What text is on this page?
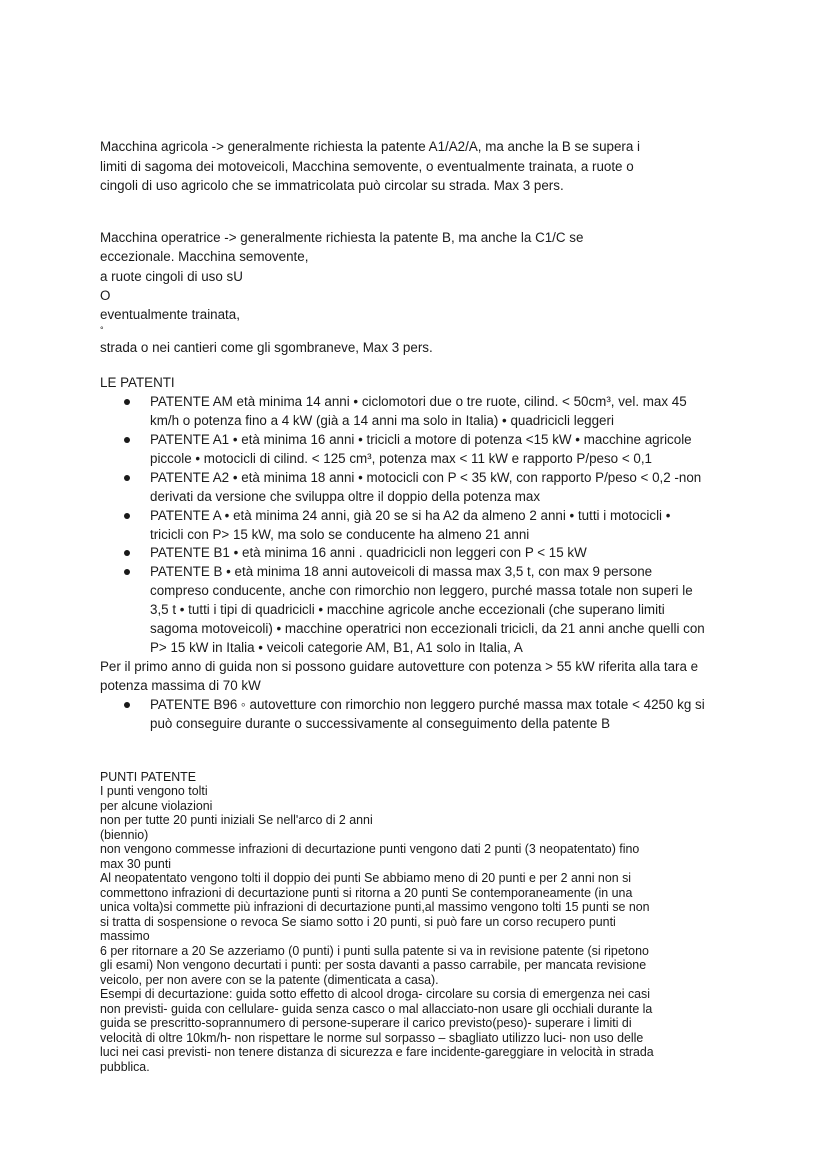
Macchina agricola -> generalmente richiesta la patente A1/A2/A, ma anche la B se supera i
limiti di sagoma dei motoveicoli, Macchina semovente, o eventualmente trainata, a ruote o
cingoli di uso agricolo che se immatricolata può circolar su strada. Max 3 pers.
Macchina operatrice -> generalmente richiesta la patente B, ma anche la C1/C se
eccezionale. Macchina semovente,
a ruote cingoli di uso sU
O
eventualmente trainata,
°
strada o nei cantieri come gli sgombraneve, Max 3 pers.
LE PATENTI
PATENTE AM età minima 14 anni • ciclomotori due o tre ruote, cilind. < 50cm³, vel. max 45
km/h o potenza fino a 4 kW (già a 14 anni ma solo in Italia) • quadricicli leggeri
PATENTE A1 • età minima 16 anni • tricicli a motore di potenza <15 kW • macchine agricole
piccole • motocicli di cilind. < 125 cm³, potenza max < 11 kW e rapporto P/peso < 0,1
PATENTE A2 • età minima 18 anni • motocicli con P < 35 kW, con rapporto P/peso < 0,2 -non
derivati da versione che sviluppa oltre il doppio della potenza max
PATENTE A • età minima 24 anni, già 20 se si ha A2 da almeno 2 anni • tutti i motocicli •
tricicli con P> 15 kW, ma solo se conducente ha almeno 21 anni
PATENTE B1 • età minima 16 anni . quadricicli non leggeri con P < 15 kW
PATENTE B • età minima 18 anni autoveicoli di massa max 3,5 t, con max 9 persone
compreso conducente, anche con rimorchio non leggero, purché massa totale non superi le
3,5 t • tutti i tipi di quadricicli • macchine agricole anche eccezionali (che superano limiti
sagoma motoveicoli) • macchine operatrici non eccezionali tricicli, da 21 anni anche quelli con
P> 15 kW in Italia • veicoli categorie AM, B1, A1 solo in Italia, A
Per il primo anno di guida non si possono guidare autovetture con potenza > 55 kW riferita alla tara e
potenza massima di 70 kW
PATENTE B96 ◦ autovetture con rimorchio non leggero purché massa max totale < 4250 kg si
può conseguire durante o successivamente al conseguimento della patente B
PUNTI PATENTE
I punti vengono tolti
per alcune violazioni
non per tutte 20 punti iniziali Se nell'arco di 2 anni
(biennio)
non vengono commesse infrazioni di decurtazione punti vengono dati 2 punti (3 neopatentato) fino
max 30 punti
Al neopatentato vengono tolti il doppio dei punti Se abbiamo meno di 20 punti e per 2 anni non si
commettono infrazioni di decurtazione punti si ritorna a 20 punti Se contemporaneamente (in una
unica volta)si commette più infrazioni di decurtazione punti,al massimo vengono tolti 15 punti se non
si tratta di sospensione o revoca Se siamo sotto i 20 punti, si può fare un corso recupero punti
massimo
6 per ritornare a 20 Se azzeriamo (0 punti) i punti sulla patente si va in revisione patente (si ripetono
gli esami) Non vengono decurtati i punti: per sosta davanti a passo carrabile, per mancata revisione
veicolo, per non avere con se la patente (dimenticata a casa).
Esempi di decurtazione: guida sotto effetto di alcool droga- circolare su corsia di emergenza nei casi
non previsti- guida con cellulare- guida senza casco o mal allacciato-non usare gli occhiali durante la
guida se prescritto-soprannumero di persone-superare il carico previsto(peso)- superare i limiti di
velocità di oltre 10km/h- non rispettare le norme sul sorpasso – sbagliato utilizzo luci- non uso delle
luci nei casi previsti- non tenere distanza di sicurezza e fare incidente-gareggiare in velocità in strada
pubblica.
